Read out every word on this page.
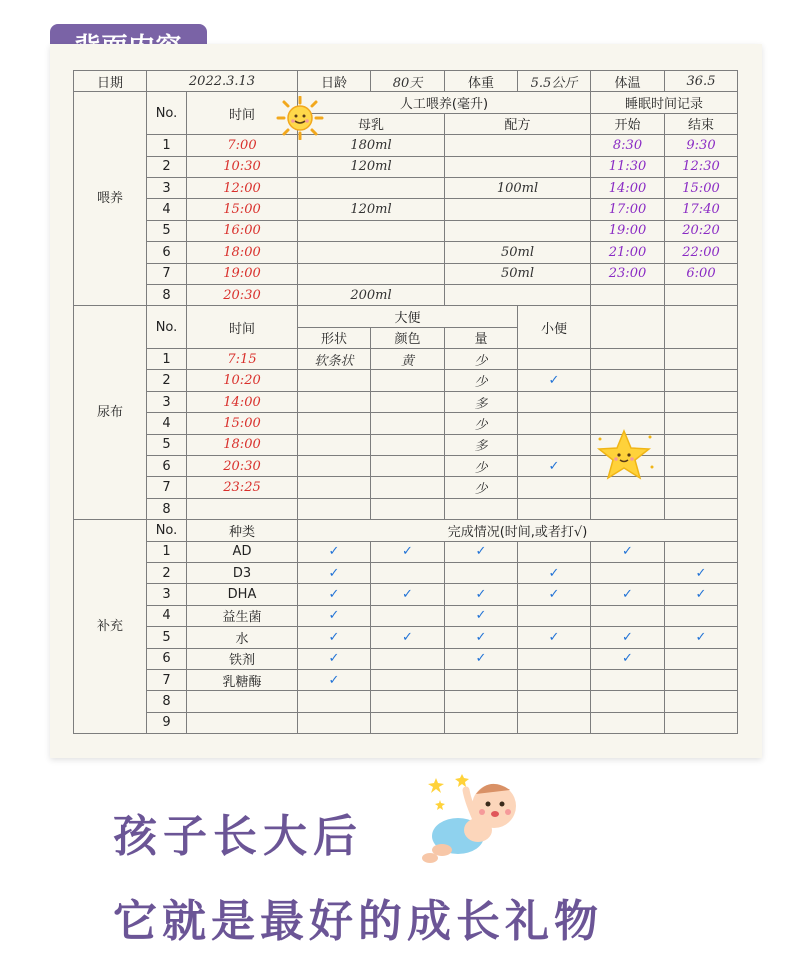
日期	2022.3.13		日龄	80天	体重	5.5公斤	体温	36.5
喂养	No.	时间	人工喂养(毫升)				睡眠时间记录	
			母乳		配方		开始	结束
	1	7:00	180ml				8:30	9:30
	2	10:30	120ml				11:30	12:30
	3	12:00			100ml		14:00	15:00
	4	15:00	120ml				17:00	17:40
	5	16:00					19:00	20:20
	6	18:00			50ml		21:00	22:00
	7	19:00			50ml		23:00	6:00
	8	20:30	200ml					
尿布	No.	时间	大便			小便		
			形状	颜色	量			
	1	7:15	软条状	黄	少			
	2	10:20			少	✓		
	3	14:00			多			
	4	15:00			少			
	5	18:00			多			
	6	20:30			少	✓		
	7	23:25			少			
	8							
补充	No.	种类	完成情况(时间,或者打√)					
	1	AD	✓	✓	✓		✓	
	2	D3	✓			✓		✓
	3	DHA	✓	✓	✓	✓	✓	✓
	4	益生菌	✓		✓			
	5	水	✓	✓	✓	✓	✓	✓
	6	铁剂	✓		✓		✓	
	7	乳糖酶	✓					
	8							
	9							
孩子长大后
它就是最好的成长礼物
